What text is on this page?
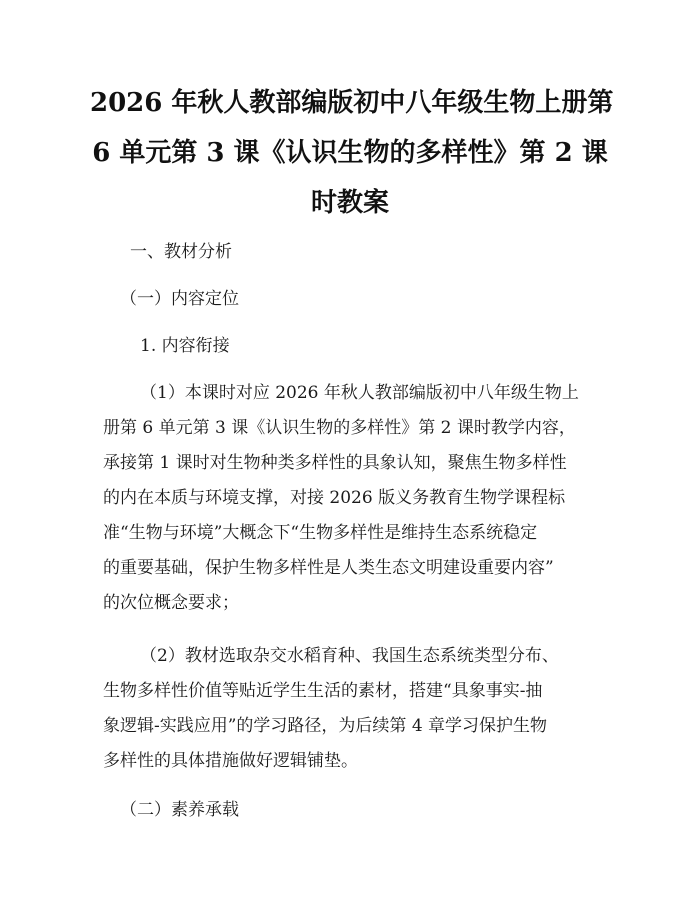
2026 年秋人教部编版初中八年级生物上册第
6 单元第 3 课《认识生物的多样性》第 2 课
时教案
一、教材分析
（一）内容定位
1. 内容衔接
（1）本课时对应 2026 年秋人教部编版初中八年级生物上
册第 6 单元第 3 课《认识生物的多样性》第 2 课时教学内容，
承接第 1 课时对生物种类多样性的具象认知，聚焦生物多样性
的内在本质与环境支撑，对接 2026 版义务教育生物学课程标
准“生物与环境”大概念下“生物多样性是维持生态系统稳定
的重要基础，保护生物多样性是人类生态文明建设重要内容”
的次位概念要求；
（2）教材选取杂交水稻育种、我国生态系统类型分布、
生物多样性价值等贴近学生生活的素材，搭建“具象事实-抽
象逻辑-实践应用”的学习路径，为后续第 4 章学习保护生物
多样性的具体措施做好逻辑铺垫。
（二）素养承载
